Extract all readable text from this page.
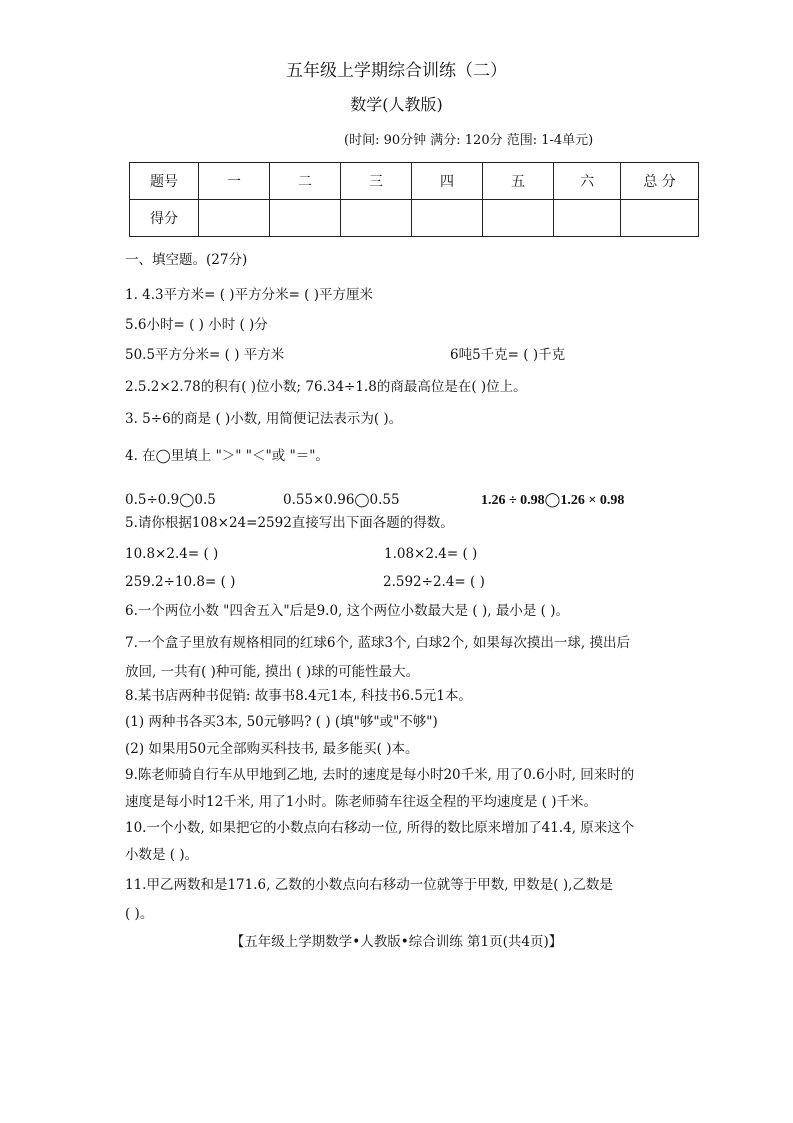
五年级上学期综合训练（二）
数学(人教版)
(时间: 90分钟 满分: 120分 范围: 1-4单元)
题号	一	二	三	四	五	六	总 分
得分							
一、填空题。(27分)
1. 4.3平方米= ( )平方分米= ( )平方厘米
5.6小时= ( ) 小时 ( )分
50.5平方分米= ( ) 平方米	6吨5千克= ( )千克
2.5.2×2.78的积有( )位小数; 76.34÷1.8的商最高位是在( )位上。
3. 5÷6的商是 ( )小数, 用简便记法表示为( )。
4. 在◯里填上 "＞" "＜"或 "＝"。
0.5÷0.9◯0.5	0.55×0.96◯0.55	1.26 ÷ 0.98◯1.26 × 0.98
5.请你根据108×24=2592直接写出下面各题的得数。
10.8×2.4= ( )	1.08×2.4= ( )
259.2÷10.8= ( )	2.592÷2.4= ( )
6.一个两位小数 "四舍五入"后是9.0, 这个两位小数最大是 ( ), 最小是 ( )。
7.一个盒子里放有规格相同的红球6个, 蓝球3个, 白球2个, 如果每次摸出一球, 摸出后
放回, 一共有( )种可能, 摸出 ( )球的可能性最大。
8.某书店两种书促销: 故事书8.4元1本, 科技书6.5元1本。
(1) 两种书各买3本, 50元够吗? ( ) (填"够"或"不够")
(2) 如果用50元全部购买科技书, 最多能买( )本。
9.陈老师骑自行车从甲地到乙地, 去时的速度是每小时20千米, 用了0.6小时, 回来时的
速度是每小时12千米, 用了1小时。陈老师骑车往返全程的平均速度是 ( )千米。
10.一个小数, 如果把它的小数点向右移动一位, 所得的数比原来增加了41.4, 原来这个
小数是 ( )。
11.甲乙两数和是171.6, 乙数的小数点向右移动一位就等于甲数, 甲数是( ),乙数是
( )。
【五年级上学期数学•人教版•综合训练 第1页(共4页)】
